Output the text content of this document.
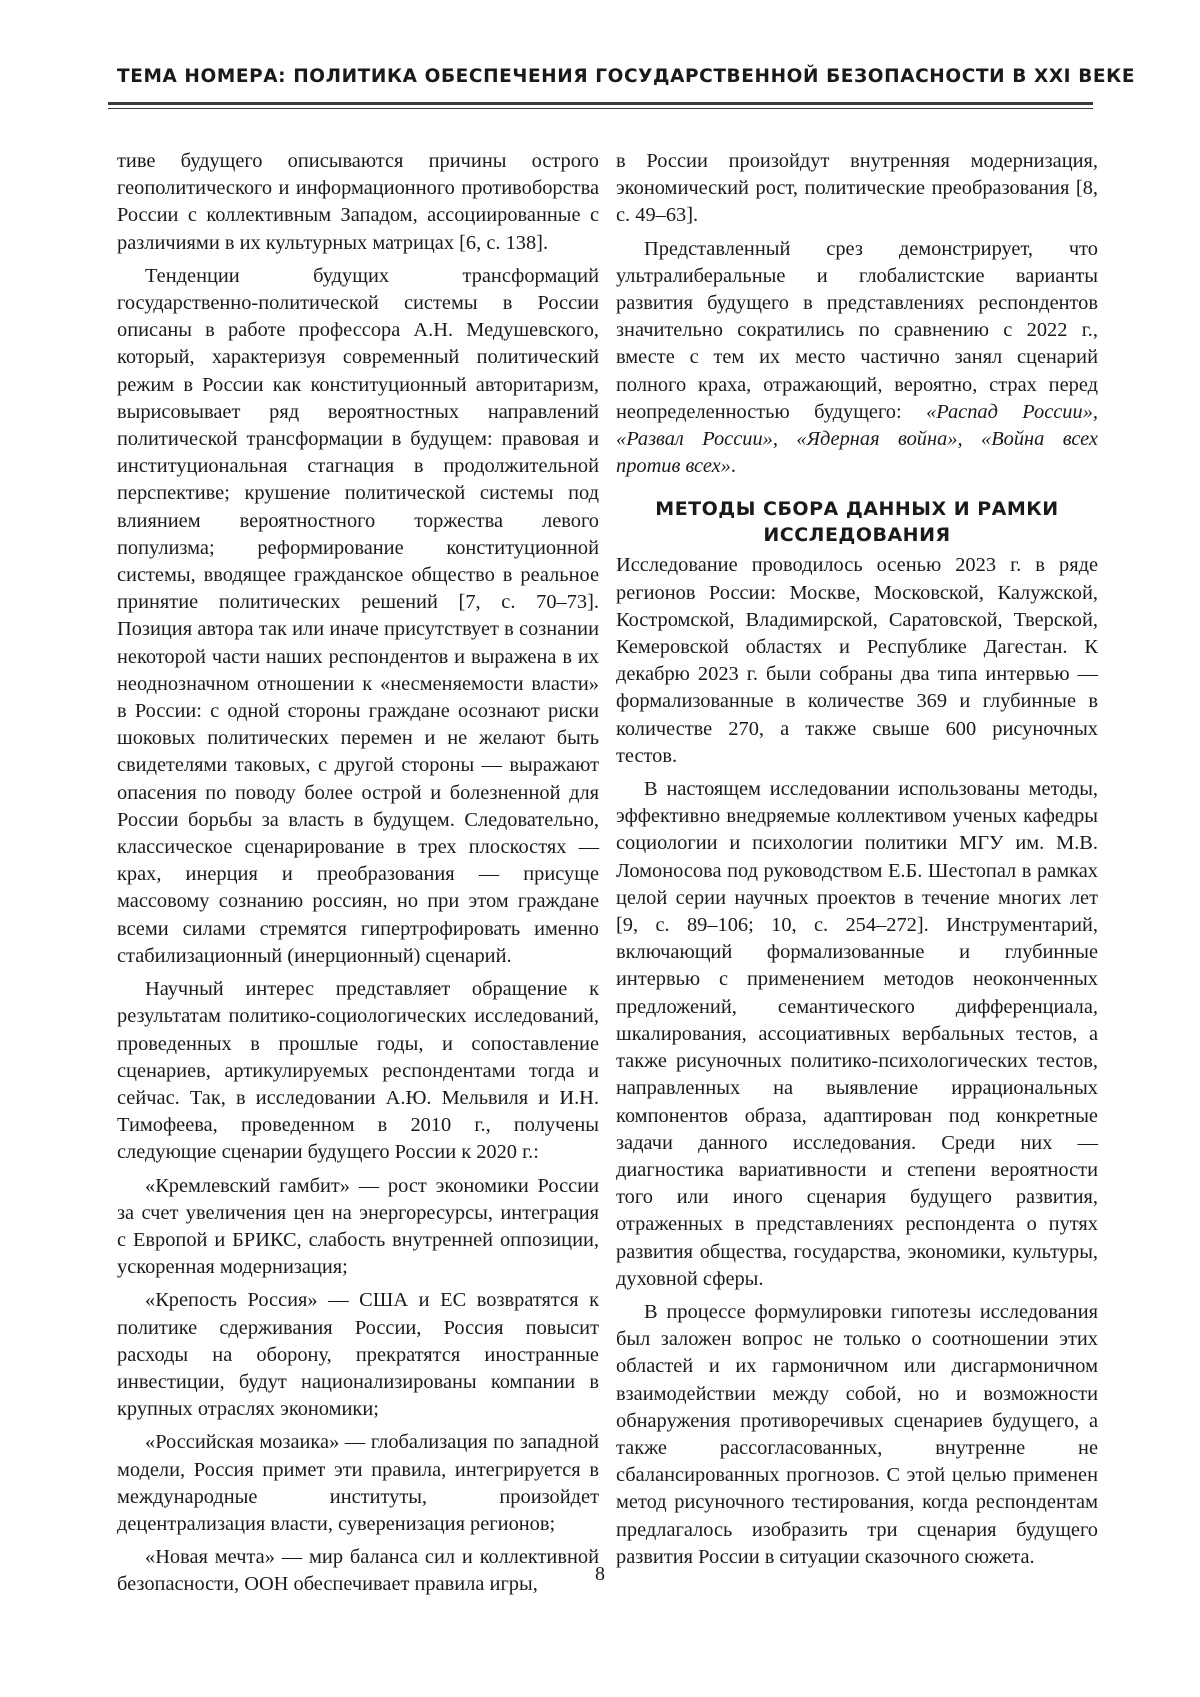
ТЕМА НОМЕРА: ПОЛИТИКА ОБЕСПЕЧЕНИЯ ГОСУДАРСТВЕННОЙ БЕЗОПАСНОСТИ В XXI ВЕКЕ

тиве будущего описываются причины острого геополитического и информационного противоборства России с коллективным Западом, ассоциированные с различиями в их культурных матрицах [6, с. 138].

Тенденции будущих трансформаций государственно-политической системы в России описаны в работе профессора А.Н. Медушевского, который, характеризуя современный политический режим в России как конституционный авторитаризм, вырисовывает ряд вероятностных направлений политической трансформации в будущем: правовая и институциональная стагнация в продолжительной перспективе; крушение политической системы под влиянием вероятностного торжества левого популизма; реформирование конституционной системы, вводящее гражданское общество в реальное принятие политических решений [7, с. 70–73]. Позиция автора так или иначе присутствует в сознании некоторой части наших респондентов и выражена в их неоднозначном отношении к «несменяемости власти» в России: с одной стороны граждане осознают риски шоковых политических перемен и не желают быть свидетелями таковых, с другой стороны — выражают опасения по поводу более острой и болезненной для России борьбы за власть в будущем. Следовательно, классическое сценарирование в трех плоскостях — крах, инерция и преобразования — присуще массовому сознанию россиян, но при этом граждане всеми силами стремятся гипертрофировать именно стабилизационный (инерционный) сценарий.

Научный интерес представляет обращение к результатам политико-социологических исследований, проведенных в прошлые годы, и сопоставление сценариев, артикулируемых респондентами тогда и сейчас. Так, в исследовании А.Ю. Мельвиля и И.Н. Тимофеева, проведенном в 2010 г., получены следующие сценарии будущего России к 2020 г.:

«Кремлевский гамбит» — рост экономики России за счет увеличения цен на энергоресурсы, интеграция с Европой и БРИКС, слабость внутренней оппозиции, ускоренная модернизация;

«Крепость Россия» — США и ЕС возвратятся к политике сдерживания России, Россия повысит расходы на оборону, прекратятся иностранные инвестиции, будут национализированы компании в крупных отраслях экономики;

«Российская мозаика» — глобализация по западной модели, Россия примет эти правила, интегрируется в международные институты, произойдет децентрализация власти, суверенизация регионов;

«Новая мечта» — мир баланса сил и коллективной безопасности, ООН обеспечивает правила игры,

в России произойдут внутренняя модернизация, экономический рост, политические преобразования [8, с. 49–63].

Представленный срез демонстрирует, что ультралиберальные и глобалистские варианты развития будущего в представлениях респондентов значительно сократились по сравнению с 2022 г., вместе с тем их место частично занял сценарий полного краха, отражающий, вероятно, страх перед неопределенностью будущего: «Распад России», «Развал России», «Ядерная война», «Война всех против всех».

МЕТОДЫ СБОРА ДАННЫХ И РАМКИ ИССЛЕДОВАНИЯ

Исследование проводилось осенью 2023 г. в ряде регионов России: Москве, Московской, Калужской, Костромской, Владимирской, Саратовской, Тверской, Кемеровской областях и Республике Дагестан. К декабрю 2023 г. были собраны два типа интервью — формализованные в количестве 369 и глубинные в количестве 270, а также свыше 600 рисуночных тестов.

В настоящем исследовании использованы методы, эффективно внедряемые коллективом ученых кафедры социологии и психологии политики МГУ им. М.В. Ломоносова под руководством Е.Б. Шестопал в рамках целой серии научных проектов в течение многих лет [9, с. 89–106; 10, с. 254–272]. Инструментарий, включающий формализованные и глубинные интервью с применением методов неоконченных предложений, семантического дифференциала, шкалирования, ассоциативных вербальных тестов, а также рисуночных политико-психологических тестов, направленных на выявление иррациональных компонентов образа, адаптирован под конкретные задачи данного исследования. Среди них — диагностика вариативности и степени вероятности того или иного сценария будущего развития, отраженных в представлениях респондента о путях развития общества, государства, экономики, культуры, духовной сферы.

В процессе формулировки гипотезы исследования был заложен вопрос не только о соотношении этих областей и их гармоничном или дисгармоничном взаимодействии между собой, но и возможности обнаружения противоречивых сценариев будущего, а также рассогласованных, внутренне не сбалансированных прогнозов. С этой целью применен метод рисуночного тестирования, когда респондентам предлагалось изобразить три сценария будущего развития России в ситуации сказочного сюжета.

8
